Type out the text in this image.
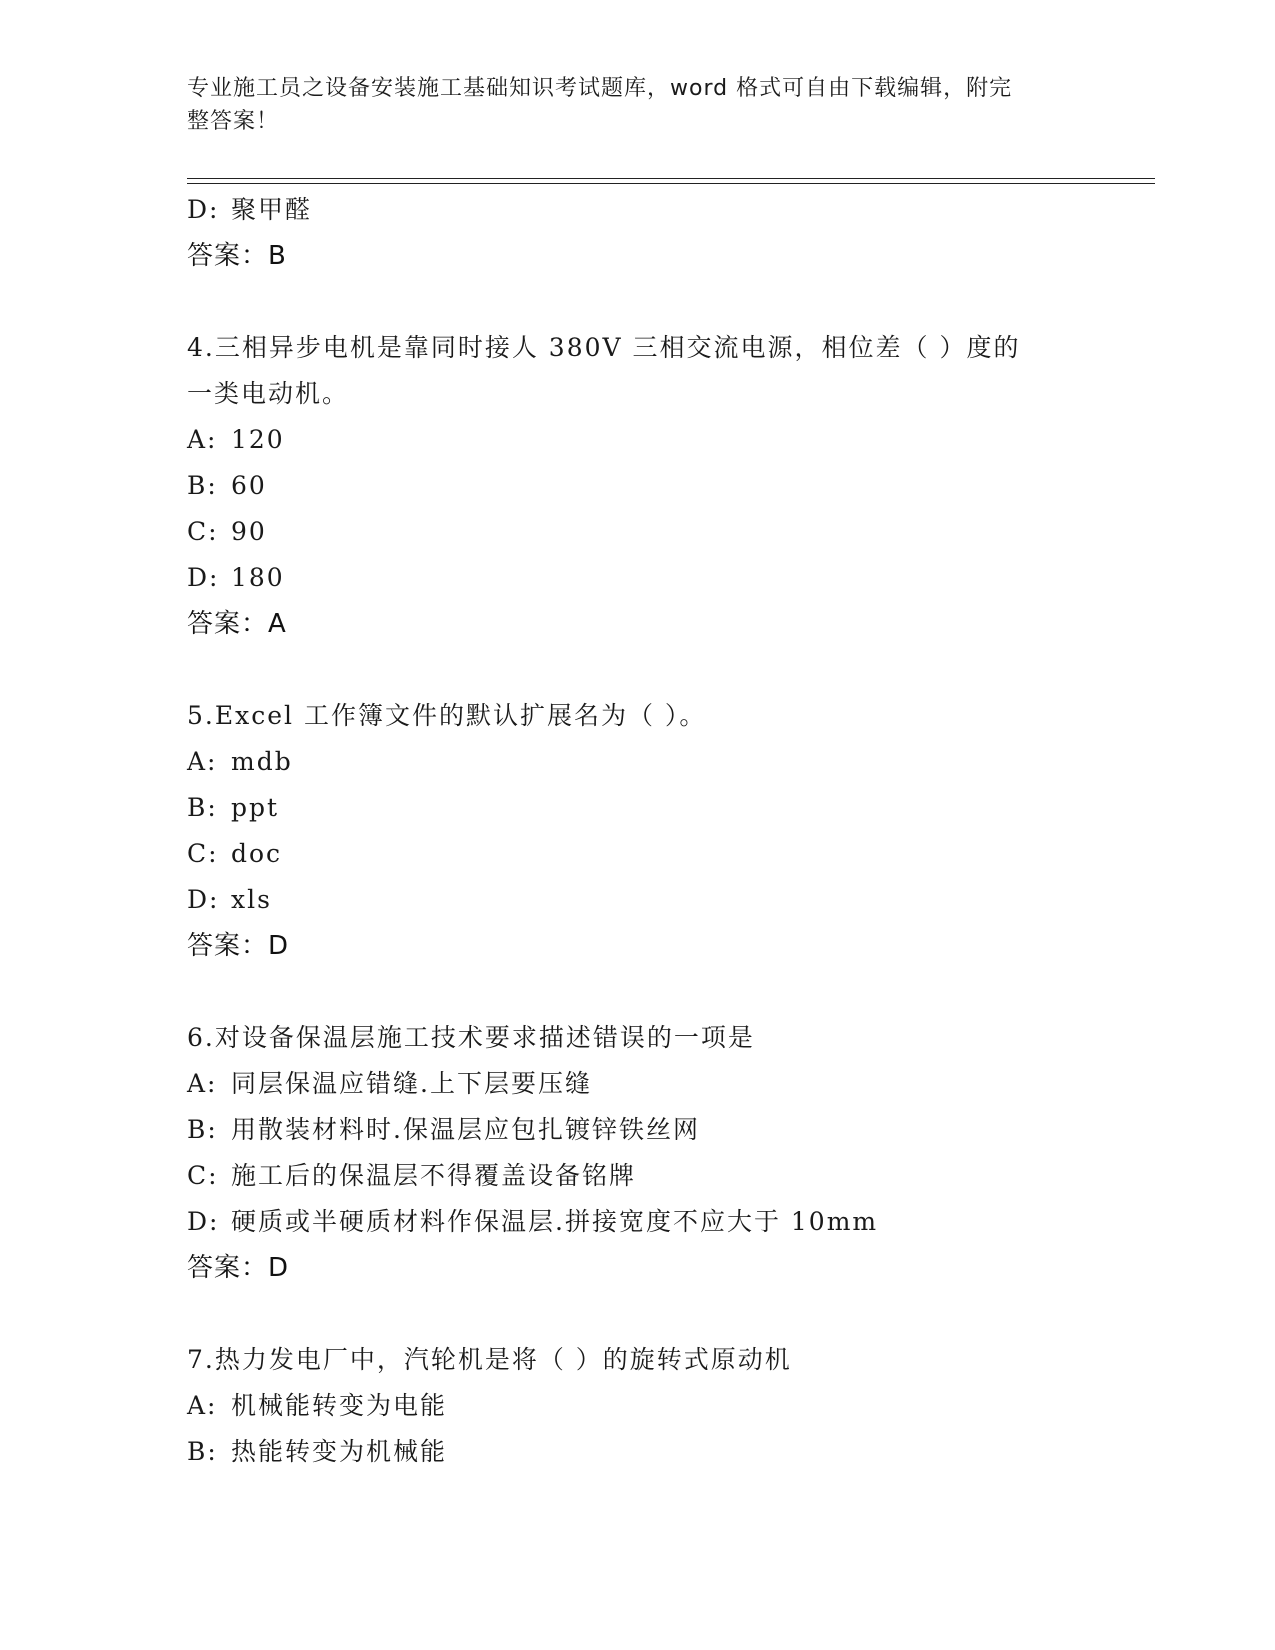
专业施工员之设备安装施工基础知识考试题库，word 格式可自由下载编辑，附完
整答案！
D: 聚甲醛
答案：B
4.三相异步电机是靠同时接人 380V 三相交流电源，相位差（ ）度的
一类电动机。
A: 120
B: 60
C: 90
D: 180
答案：A
5.Excel 工作簿文件的默认扩展名为（ ）。
A: mdb
B: ppt
C: doc
D: xls
答案：D
6.对设备保温层施工技术要求描述错误的一项是
A: 同层保温应错缝.上下层要压缝
B: 用散装材料时.保温层应包扎镀锌铁丝网
C: 施工后的保温层不得覆盖设备铭牌
D: 硬质或半硬质材料作保温层.拼接宽度不应大于 10mm
答案：D
7.热力发电厂中，汽轮机是将（ ）的旋转式原动机
A: 机械能转变为电能
B: 热能转变为机械能
